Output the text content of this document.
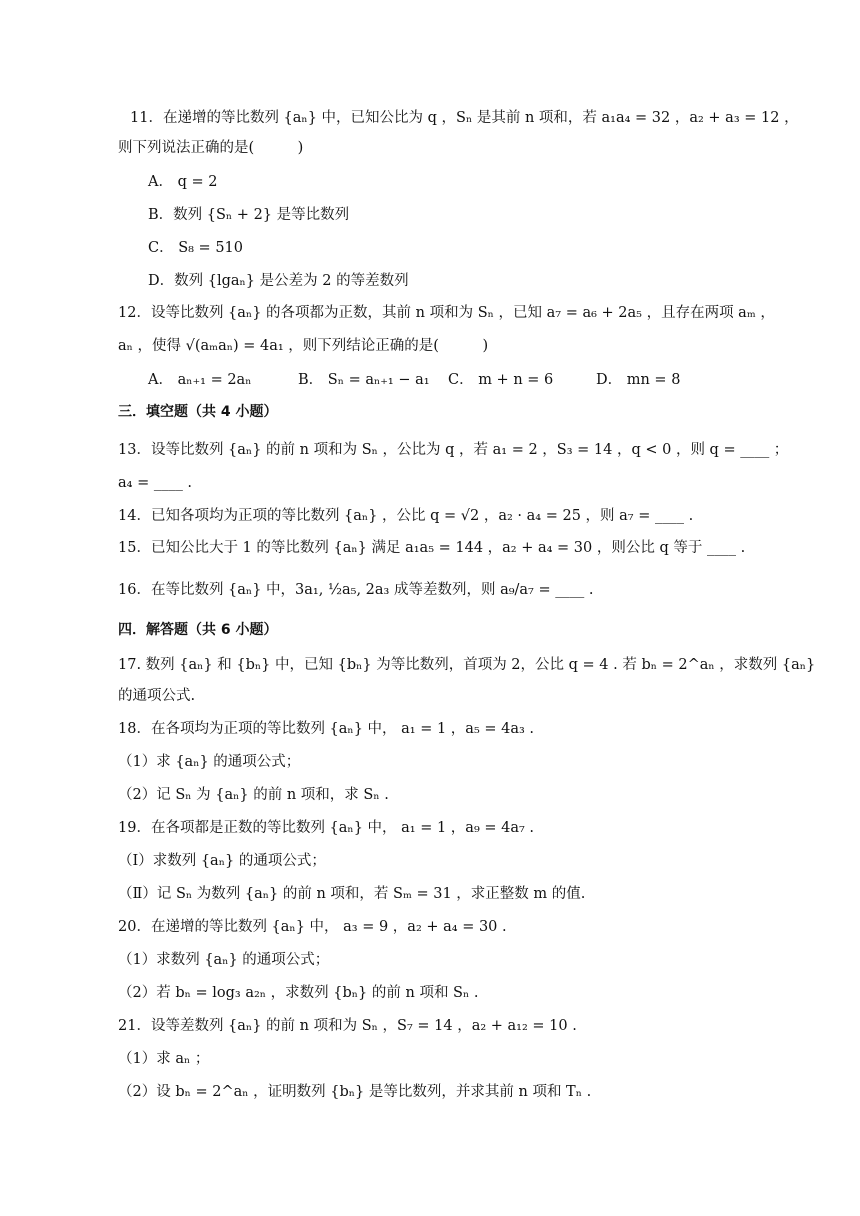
11．在递增的等比数列 {aₙ} 中，已知公比为 q ，Sₙ 是其前 n 项和，若 a₁a₄ = 32 ，a₂ + a₃ = 12 ，
则下列说法正确的是(　　　)
A． q = 2
B．数列 {Sₙ + 2} 是等比数列
C． S₈ = 510
D．数列 {lgaₙ} 是公差为 2 的等差数列
12．设等比数列 {aₙ} 的各项都为正数，其前 n 项和为 Sₙ ，已知 a₇ = a₆ + 2a₅ ，且存在两项 aₘ ，
aₙ ，使得 √(aₘaₙ) = 4a₁ ，则下列结论正确的是(　　　)
13．设等比数列 {aₙ} 的前 n 项和为 Sₙ ，公比为 q ，若 a₁ = 2 ，S₃ = 14 ，q < 0 ，则 q = ____ ；
a₄ = ____ .
14．已知各项均为正项的等比数列 {aₙ} ，公比 q = √2 ，a₂ · a₄ = 25 ，则 a₇ = ____ .
15．已知公比大于 1 的等比数列 {aₙ} 满足 a₁a₅ = 144 ，a₂ + a₄ = 30 ，则公比 q 等于 ____ .
16．在等比数列 {aₙ} 中，3a₁, ½a₅, 2a₃ 成等差数列，则 a₉/a₇ = ____ .
17. 数列 {aₙ} 和 {bₙ} 中，已知 {bₙ} 为等比数列，首项为 2，公比 q = 4 . 若 bₙ = 2^aₙ ，求数列 {aₙ}
的通项公式.
18．在各项均为正项的等比数列 {aₙ} 中， a₁ = 1 ，a₅ = 4a₃ .
（1）求 {aₙ} 的通项公式；
（2）记 Sₙ 为 {aₙ} 的前 n 项和，求 Sₙ .
19．在各项都是正数的等比数列 {aₙ} 中， a₁ = 1 ，a₉ = 4a₇ .
（Ⅰ）求数列 {aₙ} 的通项公式；
（Ⅱ）记 Sₙ 为数列 {aₙ} 的前 n 项和，若 Sₘ = 31 ，求正整数 m 的值.
20．在递增的等比数列 {aₙ} 中， a₃ = 9 ，a₂ + a₄ = 30 .
（1）求数列 {aₙ} 的通项公式；
（2）若 bₙ = log₃ a₂ₙ ，求数列 {bₙ} 的前 n 项和 Sₙ .
21．设等差数列 {aₙ} 的前 n 项和为 Sₙ ，S₇ = 14 ，a₂ + a₁₂ = 10 .
（1）求 aₙ ；
（2）设 bₙ = 2^aₙ ，证明数列 {bₙ} 是等比数列，并求其前 n 项和 Tₙ .
A． aₙ₊₁ = 2aₙ	B． Sₙ = aₙ₊₁ − a₁	C． m + n = 6	D． mn = 8
三．填空题（共 4 小题）
四．解答题（共 6 小题）
